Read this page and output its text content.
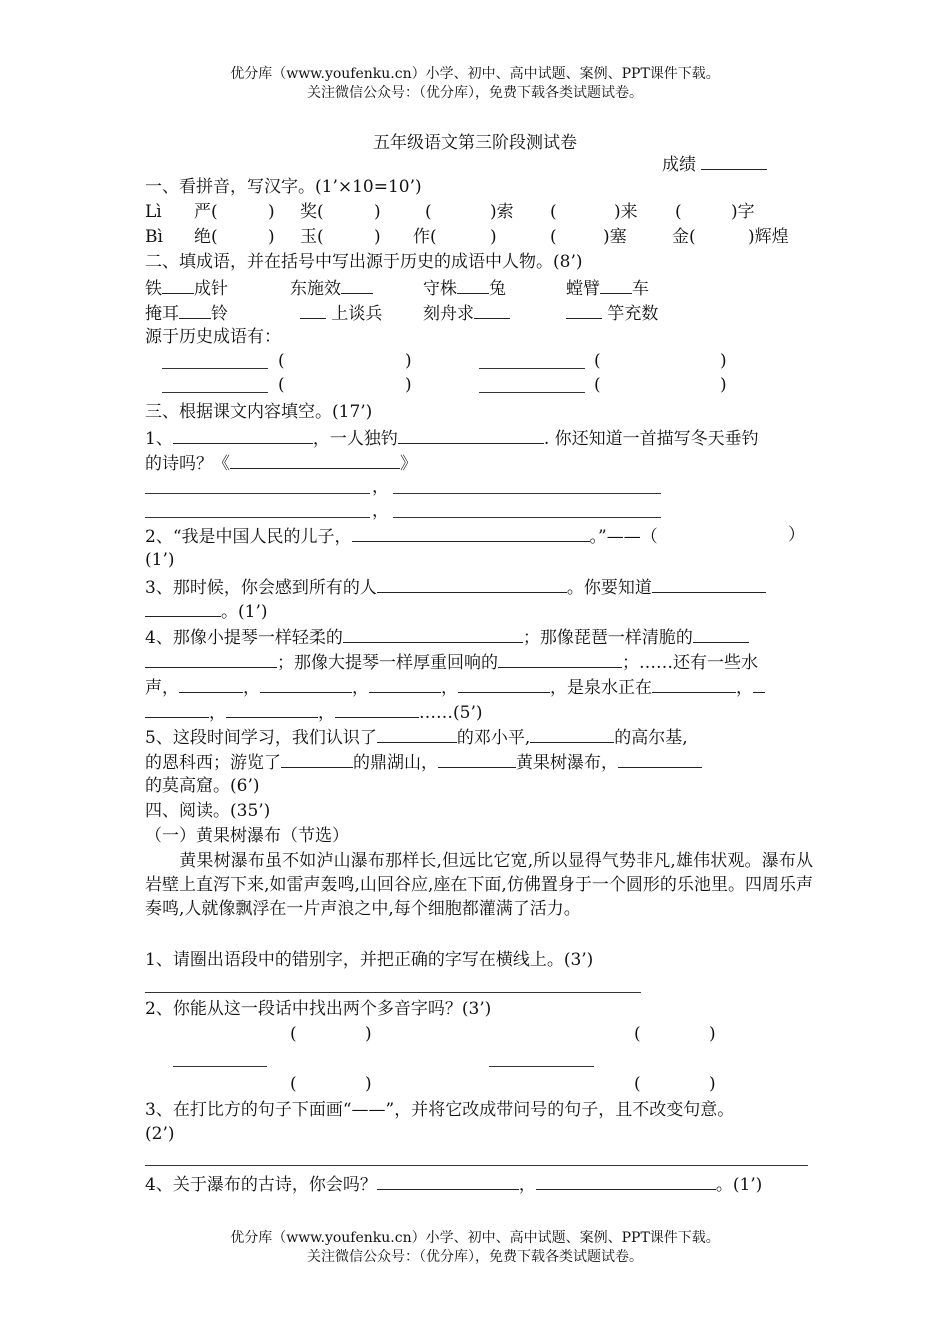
优分库（www.youfenku.cn）小学、初中、高中试题、案例、PPT课件下载。
关注微信公众号：（优分库），免费下载各类试题试卷。
五年级语文第三阶段测试卷
成绩
一、看拼音，写汉字。(1’×10=10’)
Lì 严(	) 奖(	)	(	)索 (	)来 (	)字
Bì 绝(	) 玉(	) 作(	)	(	)塞	金(	)辉煌
二、填成语，并在括号中写出源于历史的成语中人物。(8’)
铁 成针	东施效	守株 兔	螳臂 车
掩耳 铃	上谈兵 刻舟求	竽充数
源于历史成语有：
(	)	(	)
(	)	(	)
三、根据课文内容填空。(17’)
1、	，一人独钓	. 你还知道一首描写冬天垂钓
的诗吗？《	》
，
，
2、“我是中国人民的儿子，	。”——（	）
(1’)
3、那时候，你会感到所有的人	。你要知道
。(1’)
4、那像小提琴一样轻柔的	；那像琵琶一样清脆的
；那像大提琴一样厚重回响的	；……还有一些水
声，	，	，	，	，是泉水正在	，
，	，	……(5’)
5、这段时间学习，我们认识了	的邓小平,	的高尔基,
的恩科西；游览了	的鼎湖山，	黄果树瀑布，
的莫高窟。(6’)
四、阅读。(35’)
（一）黄果树瀑布（节选）
　　黄果树瀑布虽不如泸山瀑布那样长,但远比它宽,所以显得气势非凡,雄伟状观。瀑布从岩壁上直泻下来,如雷声轰鸣,山回谷应,座在下面,仿佛置身于一个圆形的乐池里。四周乐声奏鸣,人就像飘浮在一片声浪之中,每个细胞都灌满了活力。
1、请圈出语段中的错别字，并把正确的字写在横线上。(3’)
2、你能从这一段话中找出两个多音字吗？(3’)
(	)	(	)
(	)	(	)
3、在打比方的句子下面画“——”，并将它改成带问号的句子，且不改变句意。
(2’)
4、关于瀑布的古诗，你会吗？	，	。(1’)
优分库（www.youfenku.cn）小学、初中、高中试题、案例、PPT课件下载。
关注微信公众号：（优分库），免费下载各类试题试卷。
